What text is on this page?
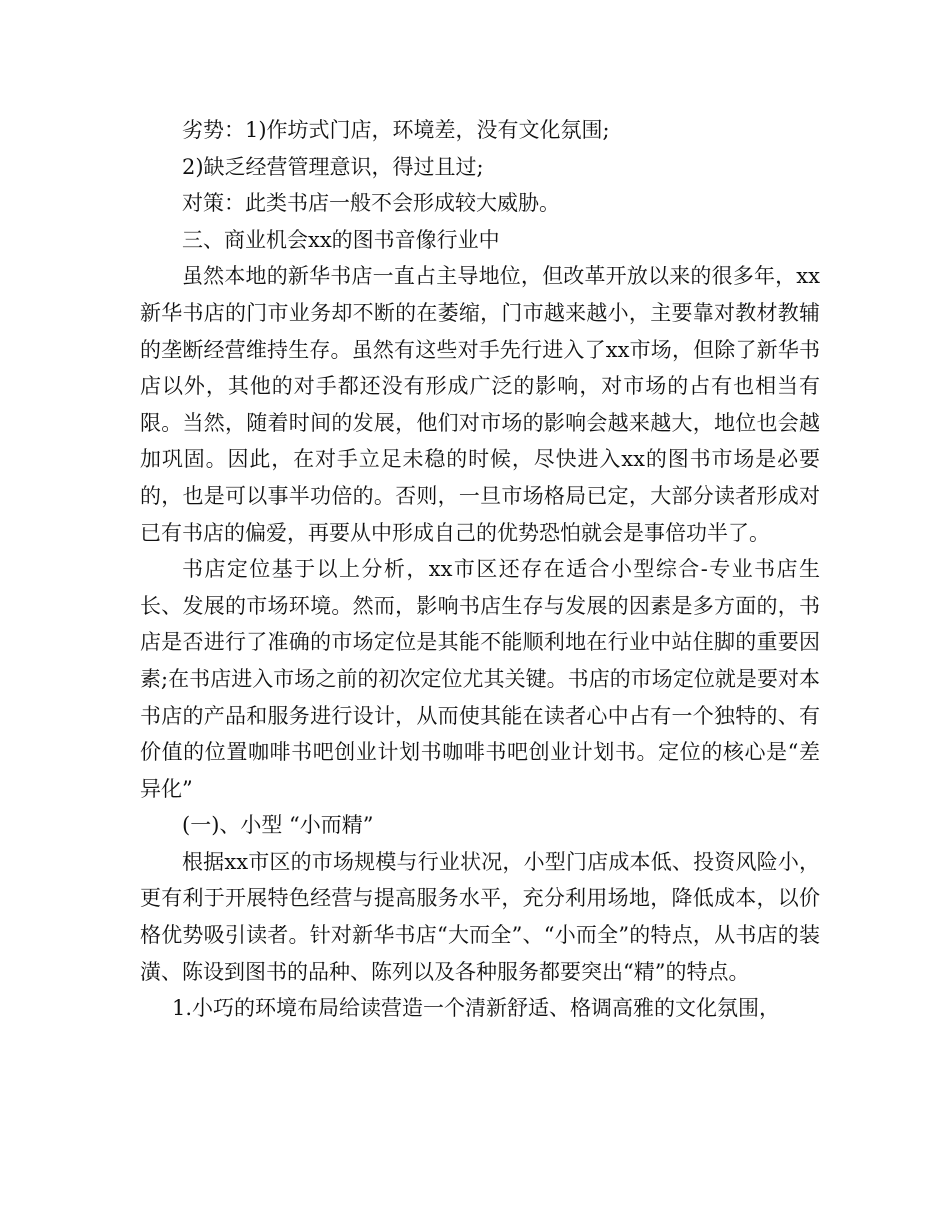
劣势：1)作坊式门店，环境差，没有文化氛围;

2)缺乏经营管理意识，得过且过;

对策：此类书店一般不会形成较大威胁。

三、商业机会xx的图书音像行业中

虽然本地的新华书店一直占主导地位，但改革开放以来的很多年，xx新华书店的门市业务却不断的在萎缩，门市越来越小，主要靠对教材教辅的垄断经营维持生存。虽然有这些对手先行进入了xx市场，但除了新华书店以外，其他的对手都还没有形成广泛的影响，对市场的占有也相当有限。当然，随着时间的发展，他们对市场的影响会越来越大，地位也会越加巩固。因此，在对手立足未稳的时候，尽快进入xx的图书市场是必要的，也是可以事半功倍的。否则，一旦市场格局已定，大部分读者形成对已有书店的偏爱，再要从中形成自己的优势恐怕就会是事倍功半了。

书店定位基于以上分析，xx市区还存在适合小型综合-专业书店生长、发展的市场环境。然而，影响书店生存与发展的因素是多方面的，书店是否进行了准确的市场定位是其能不能顺利地在行业中站住脚的重要因素;在书店进入市场之前的初次定位尤其关键。书店的市场定位就是要对本书店的产品和服务进行设计，从而使其能在读者心中占有一个独特的、有价值的位置咖啡书吧创业计划书咖啡书吧创业计划书。定位的核心是“差异化”

(一)、小型 “小而精”

根据xx市区的市场规模与行业状况，小型门店成本低、投资风险小，更有利于开展特色经营与提高服务水平，充分利用场地，降低成本，以价格优势吸引读者。针对新华书店“大而全”、“小而全”的特点，从书店的装潢、陈设到图书的品种、陈列以及各种服务都要突出“精”的特点。

1.小巧的环境布局给读营造一个清新舒适、格调高雅的文化氛围，
